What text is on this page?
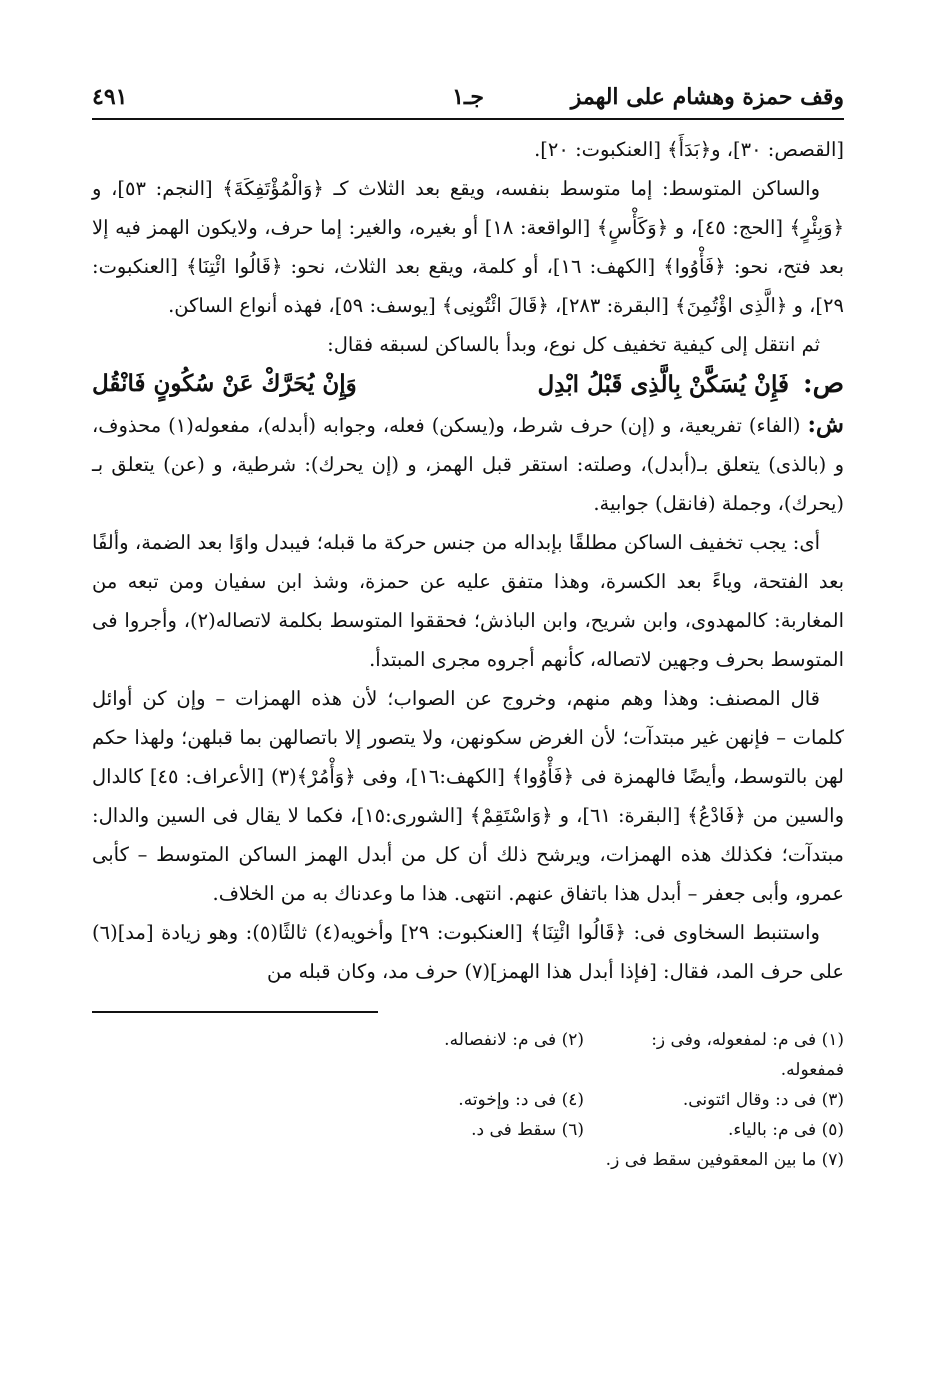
وقف حمزة وهشام على الهمز
جـ١
٤٩١

[القصص: ٣٠]، و﴿بَدَأَ﴾ [العنكبوت: ٢٠].

والساكن المتوسط: إما متوسط بنفسه، ويقع بعد الثلاث كـ ﴿وَالْمُؤْتَفِكَةَ﴾ [النجم: ٥٣]، و ﴿وَبِئْرٍ﴾ [الحج: ٤٥]، و ﴿وَكَأْسٍ﴾ [الواقعة: ١٨] أو بغيره، والغير: إما حرف، ولايكون الهمز فيه إلا بعد فتح، نحو: ﴿فَأْوُوا﴾ [الكهف: ١٦]، أو كلمة، ويقع بعد الثلاث، نحو: ﴿قَالُوا ائْتِنَا﴾ [العنكبوت: ٢٩]، و ﴿الَّذِى اؤْتُمِنَ﴾ [البقرة: ٢٨٣]، ﴿قَالَ ائْتُونِى﴾ [يوسف: ٥٩]، فهذه أنواع الساكن.

ثم انتقل إلى كيفية تخفيف كل نوع، وبدأ بالساكن لسبقه فقال:

ص: فَإِنْ يُسَكَّنْ بِالَّذِى قَبْلُ ابْدِل
وَإِنْ يُحَرَّكْ عَنْ سُكُونٍ فَانْقُل

ش: (الفاء) تفريعية، و (إن) حرف شرط، و(يسكن) فعله، وجوابه (أبدله)، مفعوله(١) محذوف، و (بالذى) يتعلق بـ(أبدل)، وصلته: استقر قبل الهمز، و (إن يحرك): شرطية، و (عن) يتعلق بـ (يحرك)، وجملة (فانقل) جوابية.

أى: يجب تخفيف الساكن مطلقًا بإبداله من جنس حركة ما قبله؛ فيبدل واوًا بعد الضمة، وألفًا بعد الفتحة، وياءً بعد الكسرة، وهذا متفق عليه عن حمزة، وشذ ابن سفيان ومن تبعه من المغاربة: كالمهدوى، وابن شريح، وابن الباذش؛ فحققوا المتوسط بكلمة لاتصاله(٢)، وأجروا فى المتوسط بحرف وجهين لاتصاله، كأنهم أجروه مجرى المبتدأ.

قال المصنف: وهذا وهم منهم، وخروج عن الصواب؛ لأن هذه الهمزات – وإن كن أوائل كلمات – فإنهن غير مبتدآت؛ لأن الغرض سكونهن، ولا يتصور إلا باتصالهن بما قبلهن؛ ولهذا حكم لهن بالتوسط، وأيضًا فالهمزة فى ﴿فَأْوُوا﴾ [الكهف:١٦]، وفى ﴿وَأْمُرْ﴾(٣) [الأعراف: ٤٥] كالدال والسين من ﴿فَادْعُ﴾ [البقرة: ٦١]، و ﴿وَاسْتَقِمْ﴾ [الشورى:١٥]، فكما لا يقال فى السين والدال: مبتدآت؛ فكذلك هذه الهمزات، ويرشح ذلك أن كل من أبدل الهمز الساكن المتوسط – كأبى عمرو، وأبى جعفر – أبدل هذا باتفاق عنهم. انتهى. هذا ما وعدناك به من الخلاف.

واستنبط السخاوى فى: ﴿قَالُوا ائْتِنَا﴾ [العنكبوت: ٢٩] وأخويه(٤) ثالثًا(٥): وهو زيادة [مد](٦) على حرف المد، فقال: [فإذا أبدل هذا الهمز](٧) حرف مد، وكان قبله من

(١) فى م: لمفعوله، وفى ز: فمفعوله.
(٢) فى م: لانفصاله.
(٣) فى د: وقال ائتونى.
(٤) فى د: وإخوته.
(٥) فى م: بالياء.
(٦) سقط فى د.
(٧) ما بين المعقوفين سقط فى ز.
